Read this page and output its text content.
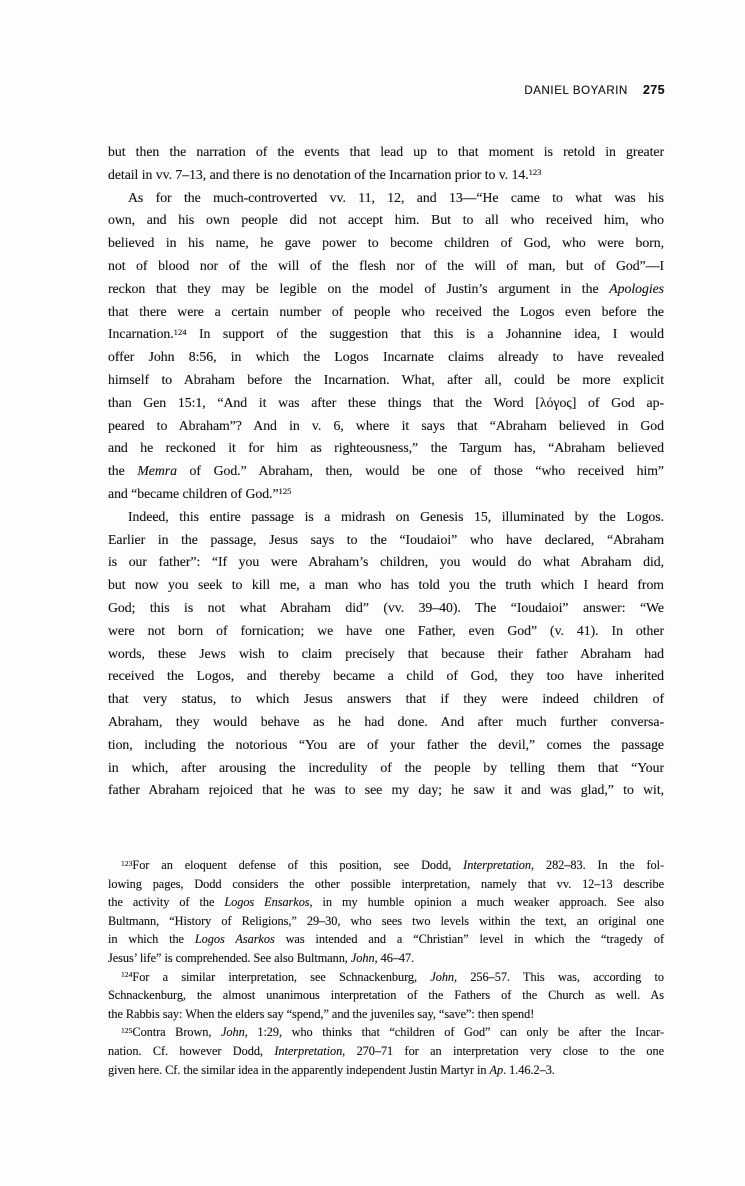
DANIEL BOYARIN 275
but then the narration of the events that lead up to that moment is retold in greater
detail in vv. 7–13, and there is no denotation of the Incarnation prior to v. 14.$^{123}$
As for the much-controverted vv. 11, 12, and 13—“He came to what was his
own, and his own people did not accept him. But to all who received him, who
believed in his name, he gave power to become children of God, who were born,
not of blood nor of the will of the flesh nor of the will of man, but of God”—I
reckon that they may be legible on the model of Justin’s argument in the Apologies
that there were a certain number of people who received the Logos even before the
Incarnation.$^{124}$ In support of the suggestion that this is a Johannine idea, I would
offer John 8:56, in which the Logos Incarnate claims already to have revealed
himself to Abraham before the Incarnation. What, after all, could be more explicit
than Gen 15:1, “And it was after these things that the Word [λόγος] of God ap-
peared to Abraham”? And in v. 6, where it says that “Abraham believed in God
and he reckoned it for him as righteousness,” the Targum has, “Abraham believed
the Memra of God.” Abraham, then, would be one of those “who received him”
and “became children of God.”$^{125}$
Indeed, this entire passage is a midrash on Genesis 15, illuminated by the Logos.
Earlier in the passage, Jesus says to the “Ioudaioi” who have declared, “Abraham
is our father”: “If you were Abraham’s children, you would do what Abraham did,
but now you seek to kill me, a man who has told you the truth which I heard from
God; this is not what Abraham did” (vv. 39–40). The “Ioudaioi” answer: “We
were not born of fornication; we have one Father, even God” (v. 41). In other
words, these Jews wish to claim precisely that because their father Abraham had
received the Logos, and thereby became a child of God, they too have inherited
that very status, to which Jesus answers that if they were indeed children of
Abraham, they would behave as he had done. And after much further conversa-
tion, including the notorious “You are of your father the devil,” comes the passage
in which, after arousing the incredulity of the people by telling them that “Your
father Abraham rejoiced that he was to see my day; he saw it and was glad,” to wit,
$^{123}$For an eloquent defense of this position, see Dodd, Interpretation, 282–83. In the fol-
lowing pages, Dodd considers the other possible interpretation, namely that vv. 12–13 describe
the activity of the Logos Ensarkos, in my humble opinion a much weaker approach. See also
Bultmann, “History of Religions,” 29–30, who sees two levels within the text, an original one
in which the Logos Asarkos was intended and a “Christian” level in which the “tragedy of
Jesus’ life” is comprehended. See also Bultmann, John, 46–47.
$^{124}$For a similar interpretation, see Schnackenburg, John, 256–57. This was, according to
Schnackenburg, the almost unanimous interpretation of the Fathers of the Church as well. As
the Rabbis say: When the elders say “spend,” and the juveniles say, “save”: then spend!
$^{125}$Contra Brown, John, 1:29, who thinks that “children of God” can only be after the Incar-
nation. Cf. however Dodd, Interpretation, 270–71 for an interpretation very close to the one
given here. Cf. the similar idea in the apparently independent Justin Martyr in Ap. 1.46.2–3.
